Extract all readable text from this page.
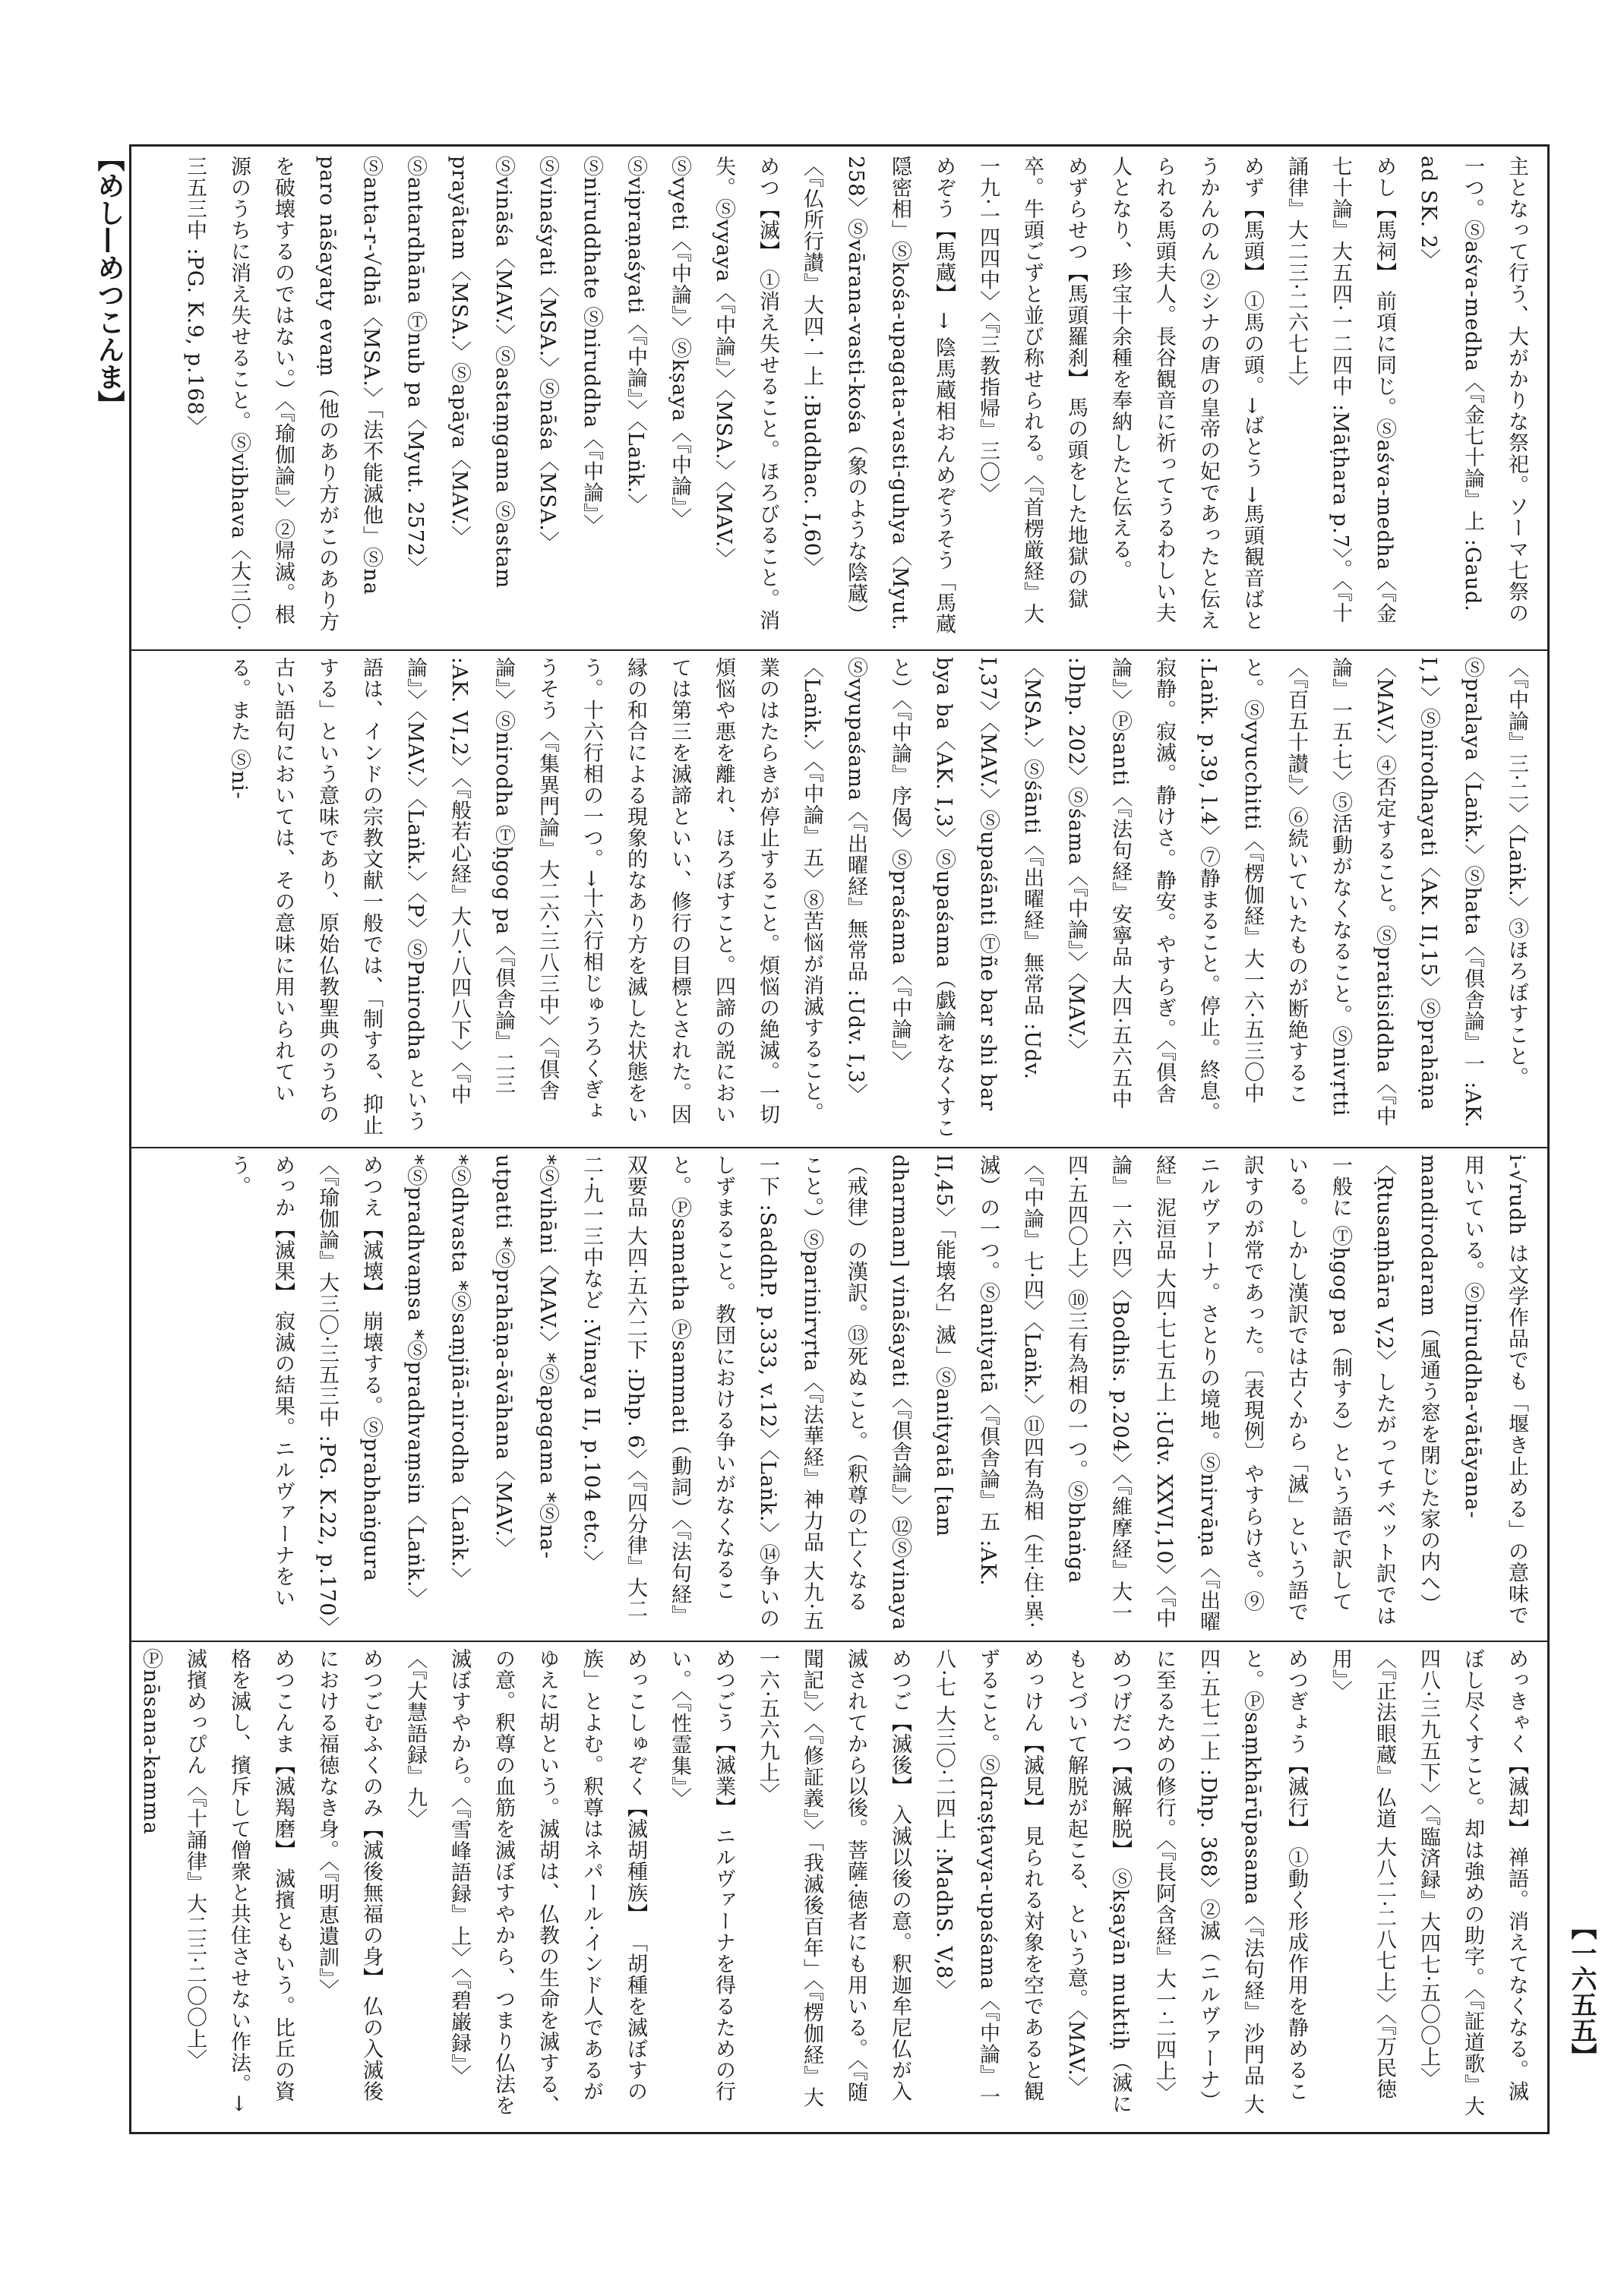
【めし—めつこんま】
【一六五五】
主となって行う、大がかりな祭祀。ソーマ七祭の一つ。Ⓢaśva-medha〈『金七十論』上 :Gaud. ad SK. 2〉
めし【馬祠】 前項に同じ。Ⓢaśva-medha〈『金七十論』大五四·一二四中 :Māṭhara p.7〉。〈『十誦律』大二三·二六七上〉
めず【馬頭】 ①馬の頭。→ばとう →馬頭観音ばとうかんのん ②シナの唐の皇帝の妃であったと伝えられる馬頭夫人。長谷観音に祈ってうるわしい夫人となり、珍宝十余種を奉納したと伝える。
めずらせつ【馬頭羅刹】 馬の頭をした地獄の獄卒。牛頭ごずと並び称せられる。〈『首楞厳経』大一九·一四四中〉〈『三教指帰』三〇〉
めぞう【馬蔵】 → 陰馬蔵相おんめぞうそう「馬蔵隠密相」Ⓢkośa-upagata-vasti-guhya〈Myut. 258〉Ⓢvārana-vasti-kośa（象のような陰蔵）〈『仏所行讃』大四·一上 :Buddhac. I,60〉
めつ【滅】 ①消え失せること。ほろびること。消失。Ⓢvyaya〈『中論』〉〈MSA.〉〈MAV.〉Ⓢvyeti〈『中論』〉Ⓢkṣaya〈『中論』〉Ⓢvipraṇaśyati〈『中論』〉〈Laṅk.〉Ⓢniruddhate Ⓢniruddha〈『中論』〉Ⓢvinaśyati〈MSA.〉Ⓢnāśa〈MSA.〉Ⓢvināśa〈MAV.〉Ⓢastaṃgama Ⓢastam prayātam〈MSA.〉Ⓢapāya〈MAV.〉Ⓢantardhāna Ⓣnub pa〈Myut. 2572〉Ⓢanta-r-√dhā〈MSA.〉「法不能滅他」Ⓢna paro nāśayaty evaṃ（他のあり方がこのあり方を破壊するのではない。）〈『瑜伽論』〉②帰滅。根源のうちに消え失せること。Ⓢvibhava〈大三〇·三五三中 :PG. K.9, p.168〉
〈『中論』三·二〉〈Laṅk.〉③ほろぼすこと。Ⓢpralaya〈Laṅk.〉Ⓢhata〈『倶舎論』一 :AK. I,1〉Ⓢnirodhayati〈AK. II,15〉Ⓢprahāṇa〈MAV.〉④否定すること。Ⓢpratisiddha〈『中論』一五·七〉⑤活動がなくなること。Ⓢnivṛtti〈『百五十讃』〉⑥続いていたものが断絶すること。Ⓢvyucchitti〈『楞伽経』大一六·五三〇中 :Laṅk. p.39, l.4〉⑦静まること。停止。終息。寂静。寂滅。静けさ。静安。やすらぎ。〈『倶舎論』〉Ⓟsanti〈『法句経』安寧品 大四·五六五中 :Dhp. 202〉Ⓢśama〈『中論』〉〈MAV.〉〈MSA.〉Ⓢśānti〈『出曜経』無常品 :Udv. I,37〉〈MAV.〉Ⓢupaśānti Ⓣñe bar shi bar bya ba〈AK. I,3〉Ⓢupaśama（戯論をなくすこと）〈『中論』序偈〉Ⓢpraśama〈『中論』〉Ⓢvyupaśama〈『出曜経』無常品 :Udv. I,3〉〈Laṅk.〉〈『中論』五〉⑧苦悩が消滅すること。業のはたらきが停止すること。煩悩の絶滅。一切煩悩や悪を離れ、ほろぼすこと。四諦の説においては第三を滅諦といい、修行の目標とされた。因縁の和合による現象的なあり方を滅した状態をいう。十六行相の一つ。→十六行相じゅうろくぎょうそう〈『集異門論』大二六·三八三中〉〈『倶舎論』〉Ⓢnirodha Ⓣḥgog pa〈『倶舎論』二三 :AK. VI,2〉〈『般若心経』大八·八四八下〉〈『中論』〉〈MAV.〉〈Laṅk.〉〈P〉ⓈPnirodha という語は、インドの宗教文献一般では、「制する、抑止する」という意味であり、原始仏教聖典のうちの古い語句においては、その意味に用いられている。また Ⓢni-
i-√rudh は文学作品でも「堰き止める」の意味で用いている。Ⓢniruddha-vātāyana-mandirodaram（風通う窓を閉じた家の内へ）〈Ṛtusaṃhāra V,2〉したがってチベット訳では一般に Ⓣḥgog pa（制する）という語で訳している。しかし漢訳では古くから「滅」という語で訳すのが常であった。〔表現例〕やすらけさ。⑨ニルヴァーナ。さとりの境地。Ⓢnirvāṇa〈『出曜経』泥洹品 大四·七七五上 :Udv. XXVI,10〉〈『中論』一六·四〉〈Bodhis. p.204〉〈『維摩経』大一四·五四〇上〉⑩三有為相の一つ。Ⓢbhaṅga〈『中論』七·四〉〈Laṅk.〉⑪四有為相（生·住·異·滅）の一つ。Ⓢanityatā〈『倶舎論』五 :AK. II,45〉「能壊名」滅」Ⓢanityatā [tam dharmam] vināśayati〈『倶舎論』〉⑫Ⓢvinaya（戒律）の漢訳。⑬死ぬこと。（釈尊の亡くなること。）Ⓢparinirvṛta〈『法華経』神力品 大九·五一下 :SaddhP. p.333, v.12〉〈Laṅk.〉⑭争いのしずまること。教団における争いがなくなること。Ⓟsamatha Ⓟsammati（動詞）〈『法句経』双要品 大四·五六二下 :Dhp. 6〉〈『四分律』大二二·九一三中など :Vinaya II, p.104 etc.〉*Ⓢvihāni〈MAV.〉*Ⓢapagama *Ⓢna-utpatti *Ⓢprahāṇa-āvāhana〈MAV.〉*Ⓢdhvasta *Ⓢsaṃjñā-nirodha〈Laṅk.〉*Ⓢpradhvaṃsa *Ⓢpradhvaṃsin〈Laṅk.〉
めつえ【滅壊】 崩壊する。Ⓢprabhaṅgura〈『瑜伽論』大三〇·三五三中 :PG. K.22, p.170〉
めっか【滅果】 寂滅の結果。ニルヴァーナをいう。
めっきゃく【滅却】 禅語。消えてなくなる。滅ぼし尽くすこと。却は強めの助字。〈『証道歌』大四八·三九五下〉〈『臨済録』大四七·五〇〇上〉〈『正法眼蔵』仏道 大八二·二八七上〉〈『万民徳用』〉
めつぎょう【滅行】 ①動く形成作用を静めること。Ⓟsaṃkhārūpasama〈『法句経』沙門品 大四·五七二上 :Dhp. 368〉②滅（ニルヴァーナ）に至るための修行。〈『長阿含経』大一·二四上〉
めつげだつ【滅解脱】 Ⓢkṣayān muktiḥ（滅にもとづいて解脱が起こる、という意。〈MAV.〉
めっけん【滅見】 見られる対象を空であると観ずること。Ⓢdraṣṭavya-upaśama〈『中論』一八·七 大三〇·二四上 :MadhS. V,8〉
めつご【滅後】 入滅以後の意。釈迦牟尼仏が入滅されてから以後。菩薩·徳者にも用いる。〈『随聞記』〉〈『修証義』〉「我滅後百年」〈『楞伽経』大一六·五六九上〉
めつごう【滅業】 ニルヴァーナを得るための行い。〈『性霊集』〉
めっこしゅぞく【滅胡種族】 「胡種を滅ぼすの族」とよむ。釈尊はネパール·インド人であるがゆえに胡という。滅胡は、仏教の生命を滅する、の意。釈尊の血筋を滅ぼすやから、つまり仏法を滅ぼすやから。〈『雪峰語録』上〉〈『碧巌録』〉〈『大慧語録』九〉
めつごむふくのみ【滅後無福の身】 仏の入滅後における福徳なき身。〈『明恵遺訓』〉
めつこんま【滅羯磨】 滅擯ともいう。比丘の資格を滅し、擯斥して僧衆と共住させない作法。→滅擯めっぴん〈『十誦律』大二三·二〇〇上〉Ⓟnāsana-kamma
